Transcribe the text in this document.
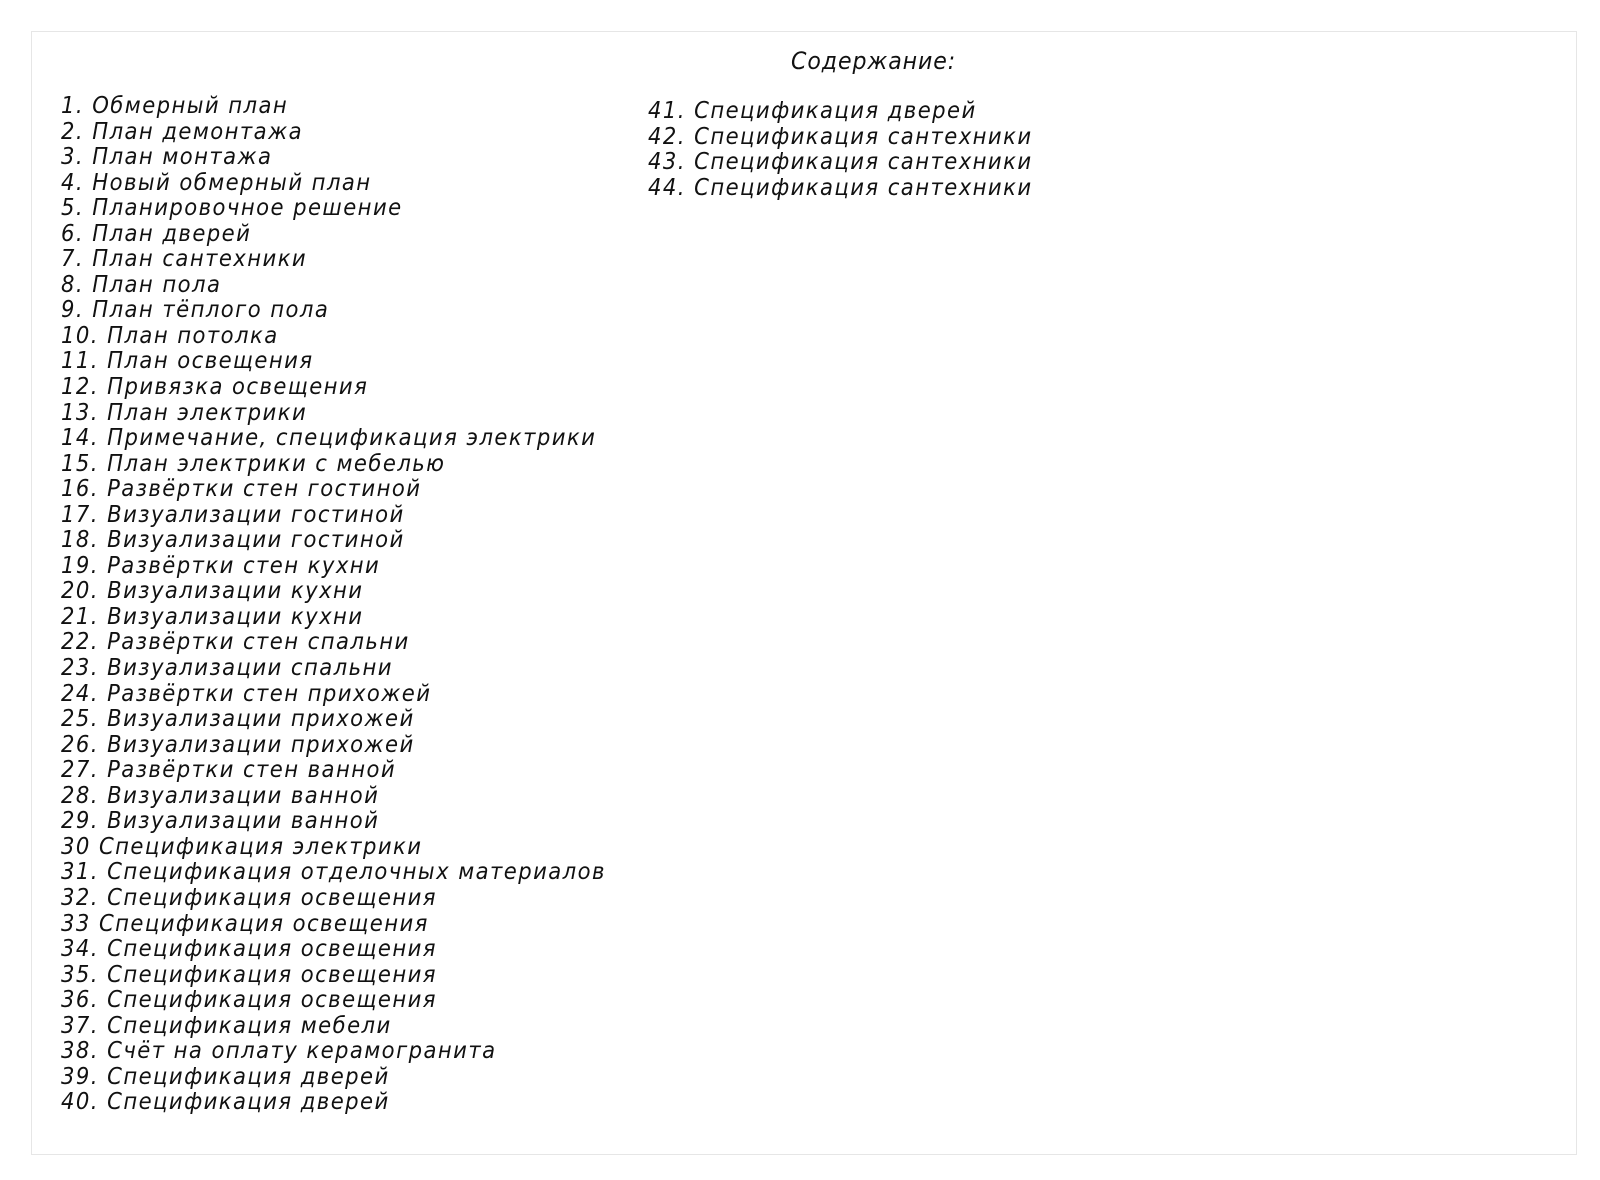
Содержание:
1. Обмерный план
2. План демонтажа
3. План монтажа
4. Новый обмерный план
5. Планировочное решение
6. План дверей
7. План сантехники
8. План пола
9. План тёплого пола
10. План потолка
11. План освещения
12. Привязка освещения
13. План электрики
14. Примечание, спецификация электрики
15. План электрики с мебелью
16. Развёртки стен гостиной
17. Визуализации гостиной
18. Визуализации гостиной
19. Развёртки стен кухни
20. Визуализации кухни
21. Визуализации кухни
22. Развёртки стен спальни
23. Визуализации спальни
24. Развёртки стен прихожей
25. Визуализации прихожей
26. Визуализации прихожей
27. Развёртки стен ванной
28. Визуализации ванной
29. Визуализации ванной
30 Спецификация электрики
31. Спецификация отделочных материалов
32. Спецификация освещения
33 Спецификация освещения
34. Спецификация освещения
35. Спецификация освещения
36. Спецификация освещения
37. Спецификация мебели
38. Счёт на оплату керамогранита
39. Спецификация дверей
40. Спецификация дверей
41. Спецификация дверей
42. Спецификация сантехники
43. Спецификация сантехники
44. Спецификация сантехники
